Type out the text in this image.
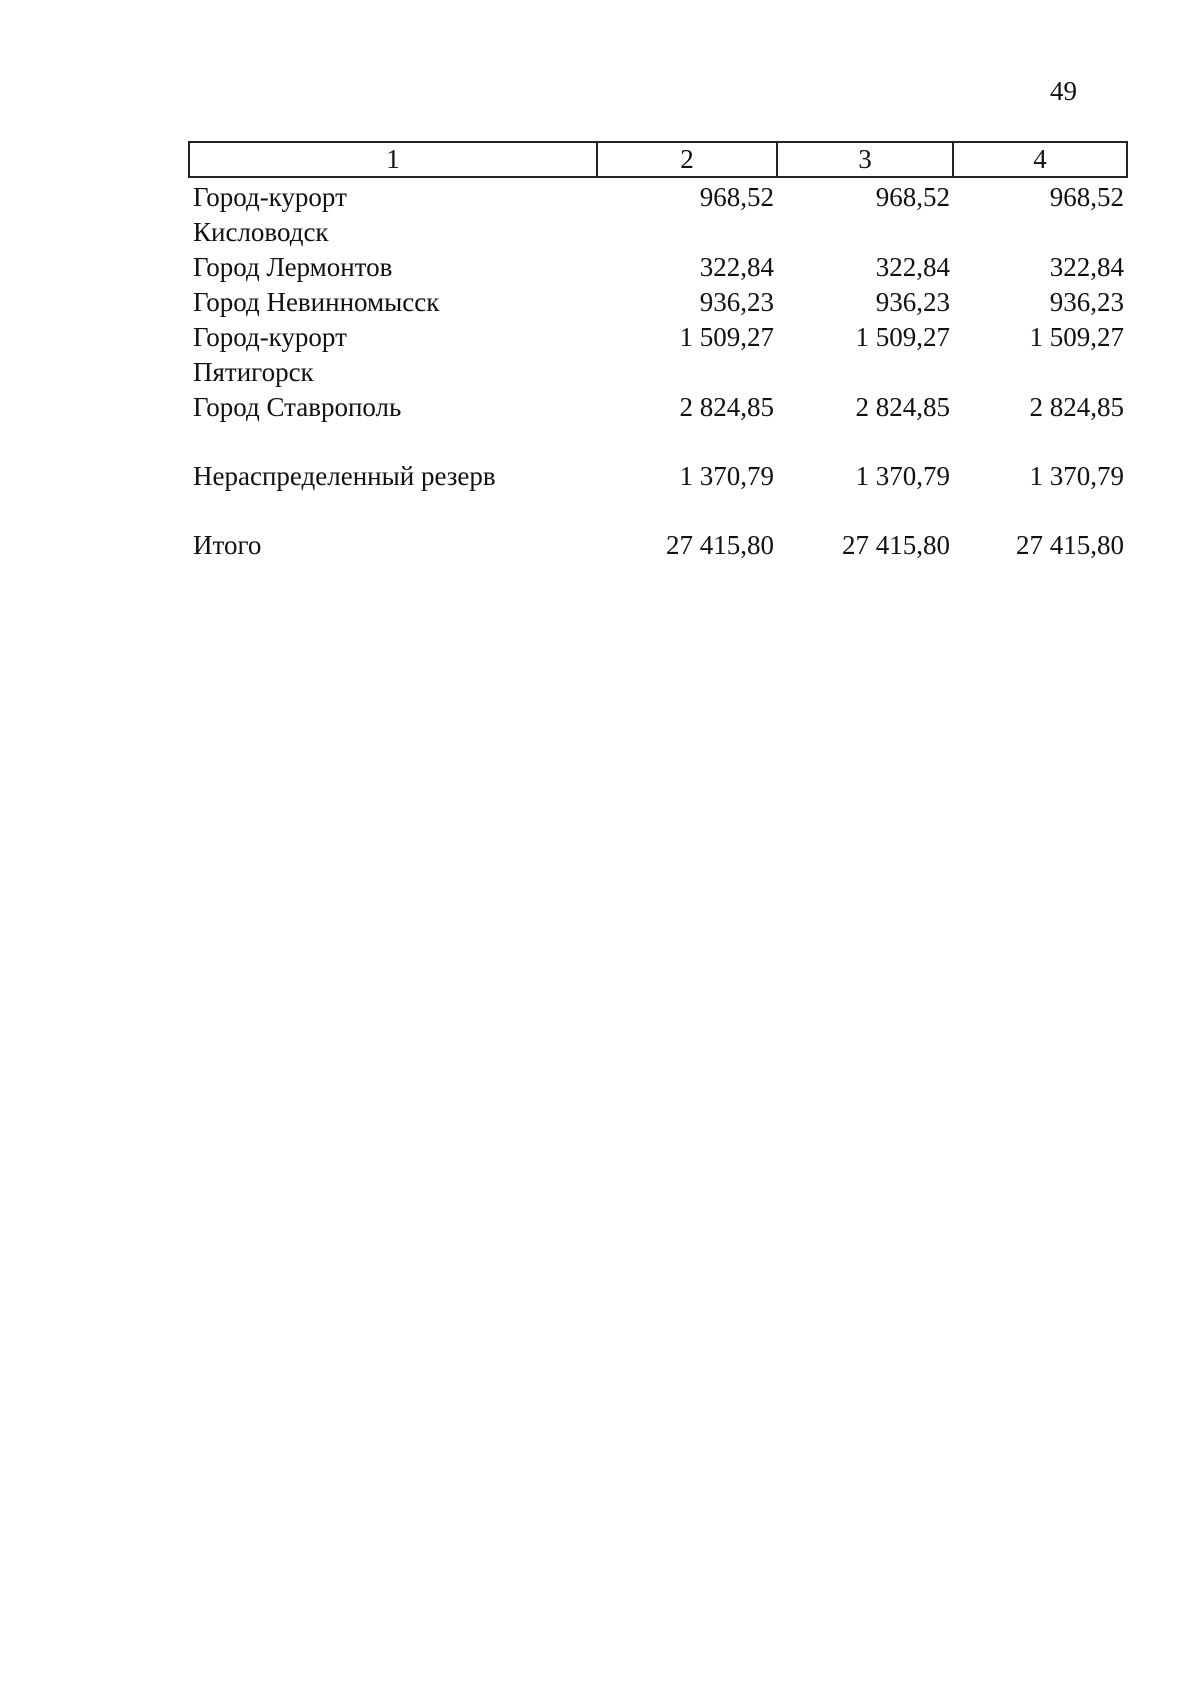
49
1	2	3	4

Город-курорт
Кисловодск	968,52	968,52	968,52
Город Лермонтов	322,84	322,84	322,84
Город Невинномысск	936,23	936,23	936,23

Город-курорт
Пятигорск	1 509,27	1 509,27	1 509,27
Город Ставрополь	2 824,85	2 824,85	2 824,85
Нераспределенный резерв	1 370,79	1 370,79	1 370,79
Итого	27 415,80	27 415,80	27 415,80
